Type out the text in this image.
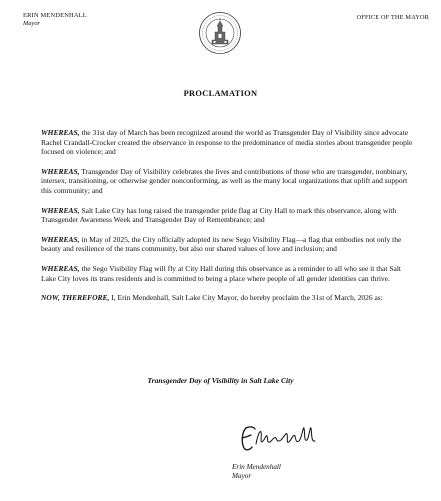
ERIN MENDENHALL
Mayor
OFFICE OF THE MAYOR
PROCLAMATION

WHEREAS, the 31st day of March has been recognized around the world as Transgender Day of Visibility since advocate Rachel Crandall-Crocker created the observance in response to the predominance of media stories about transgender people focused on violence; and

WHEREAS, Transgender Day of Visibility celebrates the lives and contributions of those who are transgender, nonbinary, intersex, transitioning, or otherwise gender nonconforming, as well as the many local organizations that uplift and support this community; and

WHEREAS, Salt Lake City has long raised the transgender pride flag at City Hall to mark this observance, along with Transgender Awareness Week and Transgender Day of Remembrance; and

WHEREAS, in May of 2025, the City officially adopted its new Sego Visibility Flag—a flag that embodies not only the beauty and resilience of the trans community, but also our shared values of love and inclusion; and

WHEREAS, the Sego Visibility Flag will fly at City Hall during this observance as a reminder to all who see it that Salt Lake City loves its trans residents and is committed to being a place where people of all gender identities can thrive.

NOW, THEREFORE, I, Erin Mendenhall, Salt Lake City Mayor, do hereby proclaim the 31st of March, 2026 as:

Transgender Day of Visibility in Salt Lake City
Erin Mendenhall
Mayor
